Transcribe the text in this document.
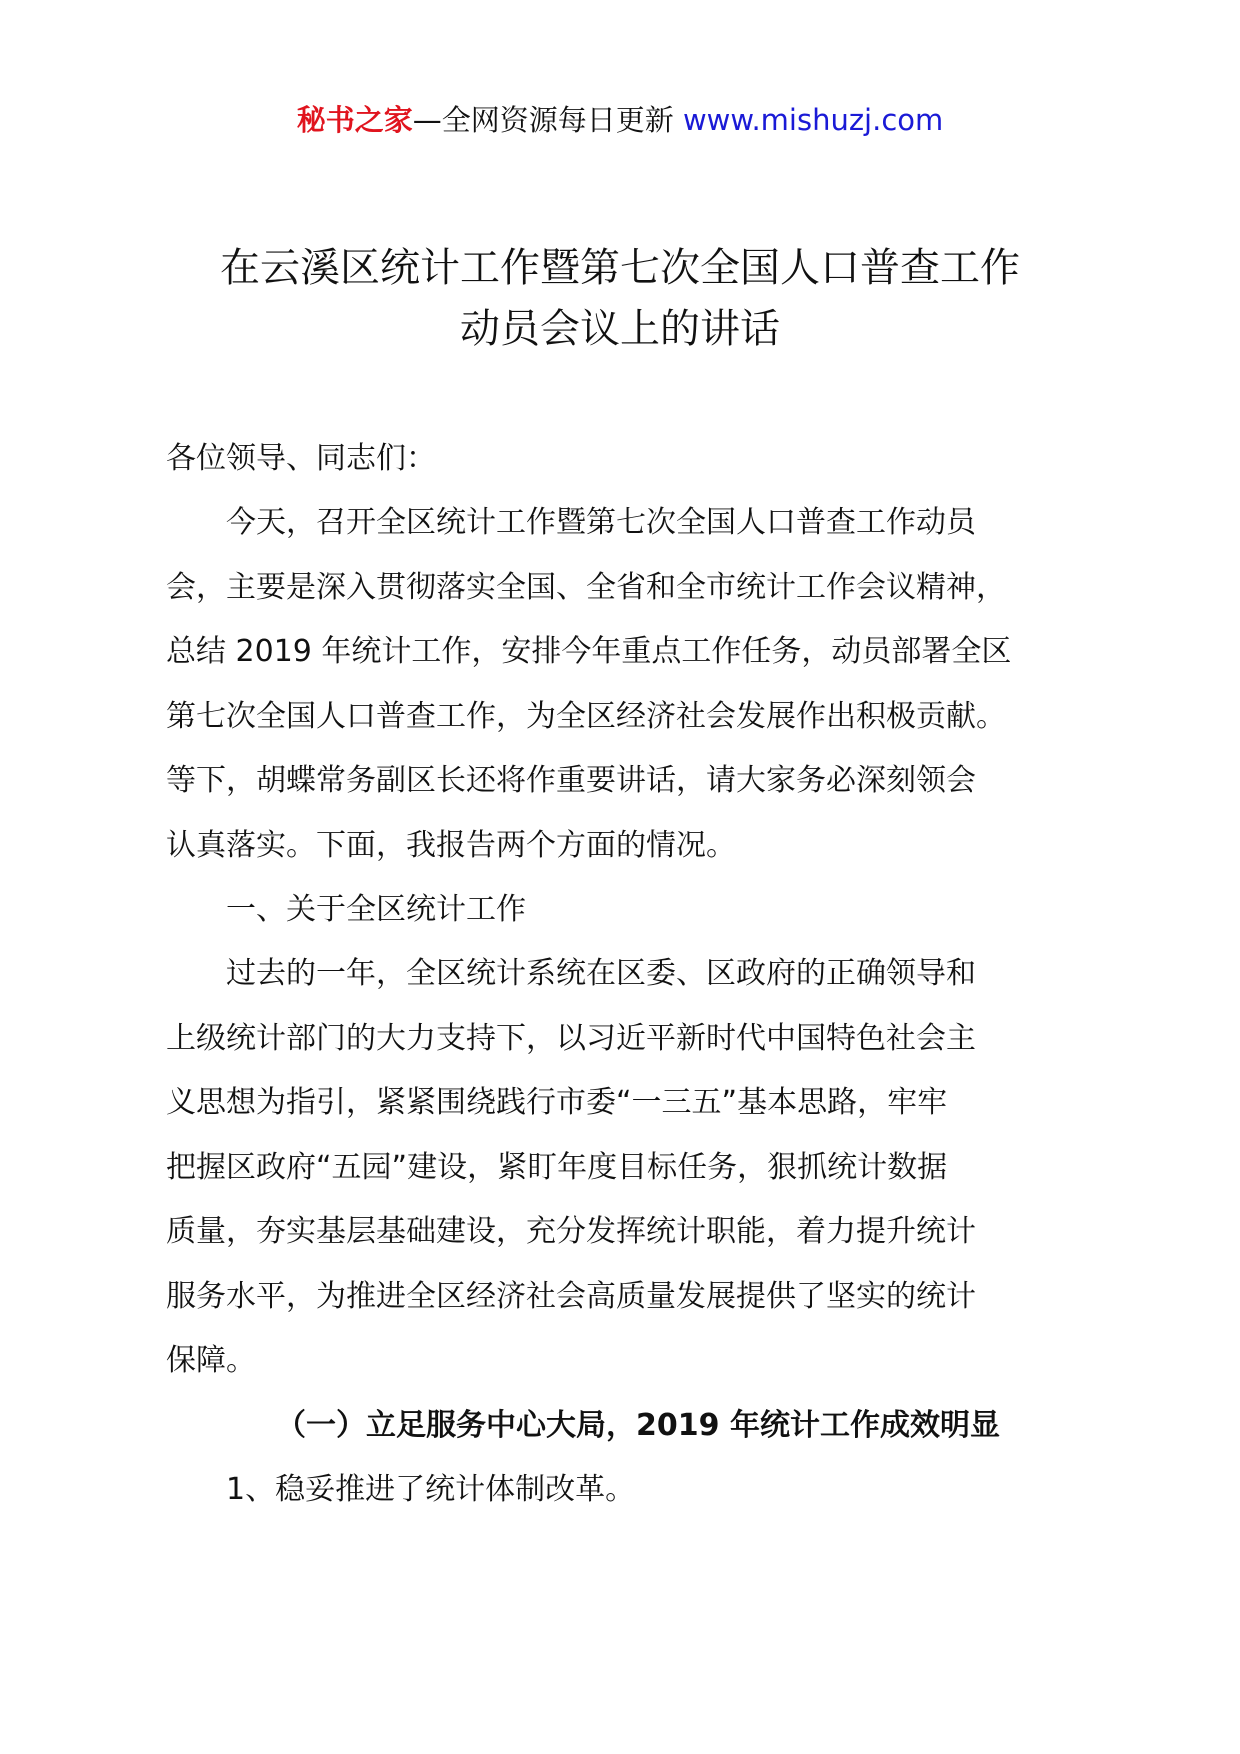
秘书之家—全网资源每日更新 www.mishuzj.com
在云溪区统计工作暨第七次全国人口普查工作
动员会议上的讲话
各位领导、同志们：
今天，召开全区统计工作暨第七次全国人口普查工作动员
会，主要是深入贯彻落实全国、全省和全市统计工作会议精神，
总结 2019 年统计工作，安排今年重点工作任务，动员部署全区
第七次全国人口普查工作，为全区经济社会发展作出积极贡献。
等下，胡蝶常务副区长还将作重要讲话，请大家务必深刻领会
认真落实。下面，我报告两个方面的情况。
一、关于全区统计工作
过去的一年，全区统计系统在区委、区政府的正确领导和
上级统计部门的大力支持下，以习近平新时代中国特色社会主
义思想为指引，紧紧围绕践行市委“一三五”基本思路，牢牢
把握区政府“五园”建设，紧盯年度目标任务，狠抓统计数据
质量，夯实基层基础建设，充分发挥统计职能，着力提升统计
服务水平，为推进全区经济社会高质量发展提供了坚实的统计
保障。
（一）立足服务中心大局，2019 年统计工作成效明显
1、稳妥推进了统计体制改革。
